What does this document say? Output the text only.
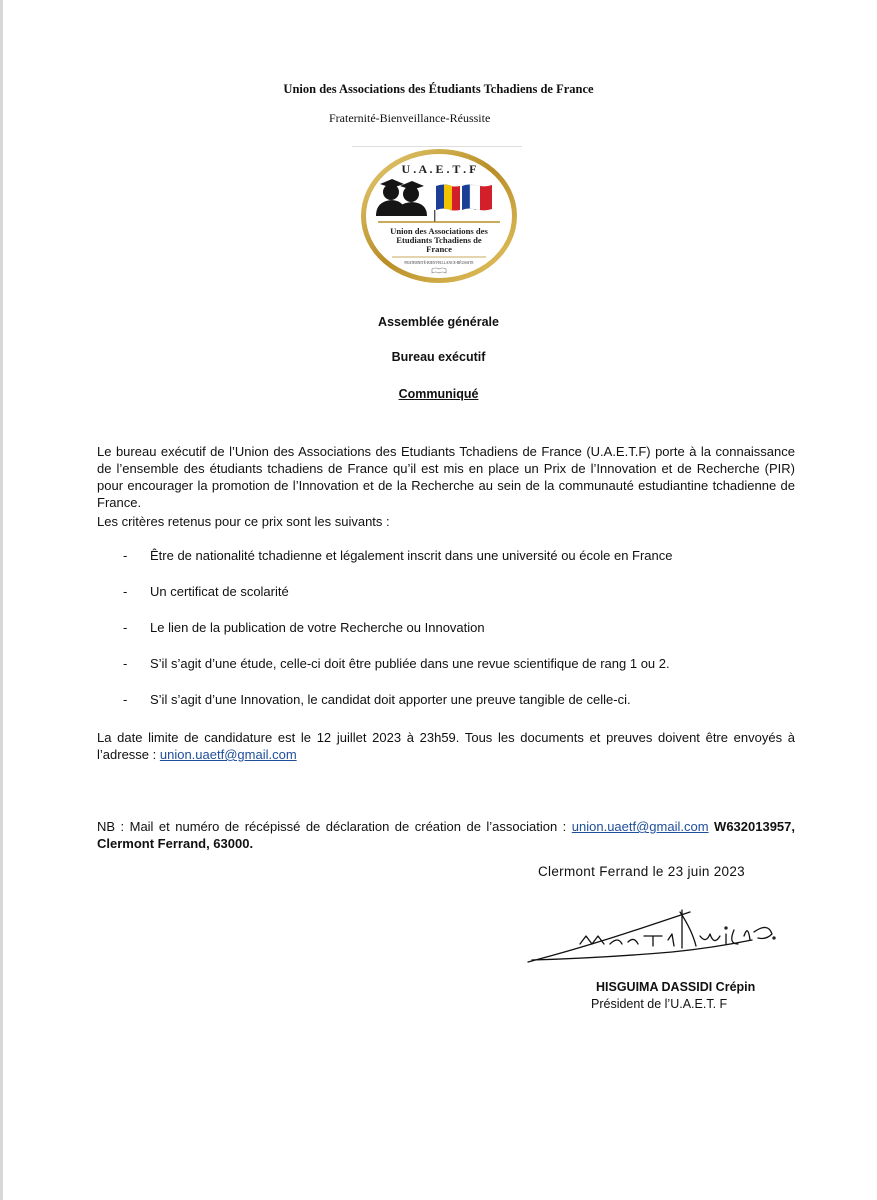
Union des Associations des Étudiants Tchadiens de France
Fraternité-Bienveillance-Réussite
U . A . E . T . F
Union des Associations des
Etudiants Tchadiens de
France
FRATERNITÉ-BIENVEILLANCE-RÉUSSITE
Assemblée générale
Bureau exécutif
Communiqué

Le bureau exécutif de l’Union des Associations des Etudiants Tchadiens de France (U.A.E.T.F) porte à la connaissance de l’ensemble des étudiants tchadiens de France qu’il est mis en place un Prix de l’Innovation et de Recherche (PIR) pour encourager la promotion de l’Innovation et de la Recherche au sein de la communauté estudiantine tchadienne de France.

Les critères retenus pour ce prix sont les suivants :

- Être de nationalité tchadienne et légalement inscrit dans une université ou école en France
- Un certificat de scolarité
- Le lien de la publication de votre Recherche ou Innovation
- S’il s’agit d’une étude, celle-ci doit être publiée dans une revue scientifique de rang 1 ou 2.
- S’il s’agit d’une Innovation, le candidat doit apporter une preuve tangible de celle-ci.

La date limite de candidature est le 12 juillet 2023 à 23h59. Tous les documents et preuves doivent être envoyés à l’adresse : union.uaetf@gmail.com

NB : Mail et numéro de récépissé de déclaration de création de l’association : union.uaetf@gmail.com W632013957, Clermont Ferrand, 63000.

Clermont Ferrand le 23 juin 2023
HISGUIMA DASSIDI Crépin
Président de l’U.A.E.T. F
